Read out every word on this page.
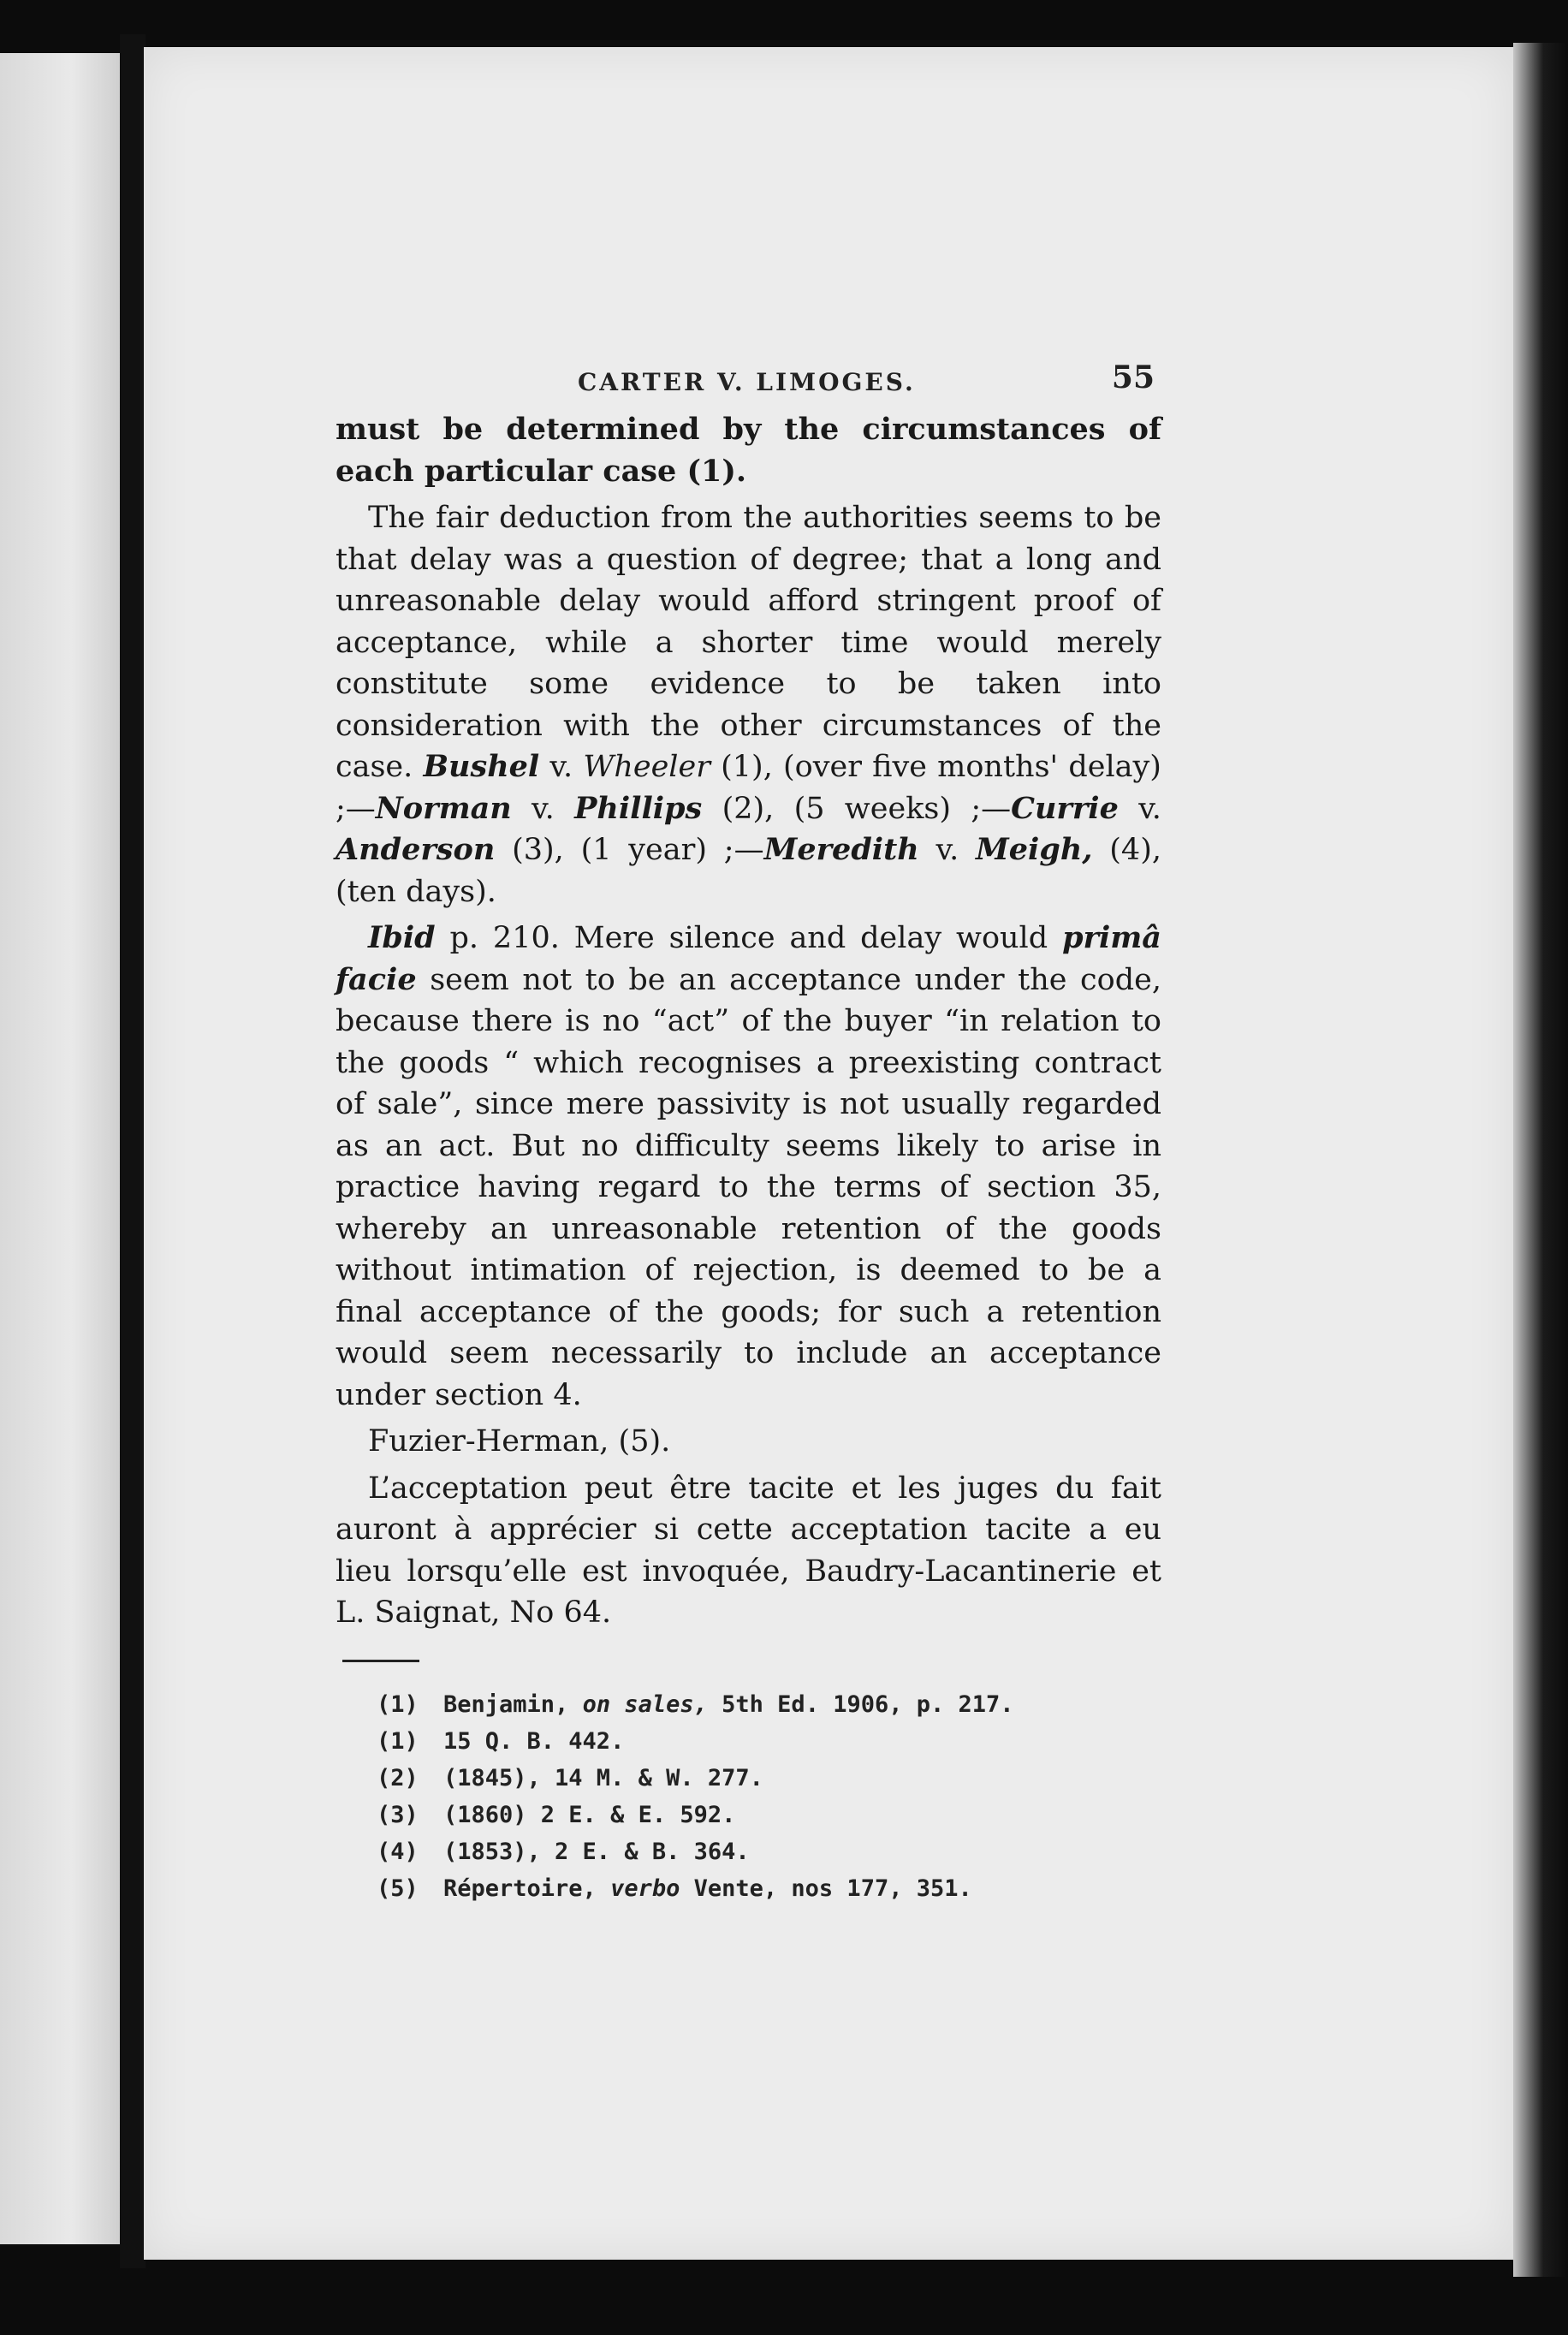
CARTER V. LIMOGES.	55

must be determined by the circumstances of each particular case (1).

The fair deduction from the authorities seems to be that delay was a question of degree; that a long and unreasonable delay would afford stringent proof of acceptance, while a shorter time would merely constitute some evidence to be taken into consideration with the other circumstances of the case. Bushel v. Wheeler (1), (over five months' delay) ;—Norman v. Phillips (2), (5 weeks) ;—Currie v. Anderson (3), (1 year) ;—Meredith v. Meigh, (4), (ten days).

Ibid p. 210. Mere silence and delay would primâ facie seem not to be an acceptance under the code, because there is no “act” of the buyer “in relation to the goods “ which recognises a preexisting contract of sale”, since mere passivity is not usually regarded as an act. But no difficulty seems likely to arise in practice having regard to the terms of section 35, whereby an unreasonable retention of the goods without intimation of rejection, is deemed to be a final acceptance of the goods; for such a retention would seem necessarily to include an acceptance under section 4.

Fuzier-Herman, (5).

L’acceptation peut être tacite et les juges du fait auront à apprécier si cette acceptation tacite a eu lieu lorsqu’elle est invoquée, Baudry-Lacantinerie et L. Saignat, No 64.

(1) Benjamin, on sales, 5th Ed. 1906, p. 217.
(1) 15 Q. B. 442.
(2) (1845), 14 M. & W. 277.
(3) (1860) 2 E. & E. 592.
(4) (1853), 2 E. & B. 364.
(5) Répertoire, verbo Vente, nos 177, 351.
